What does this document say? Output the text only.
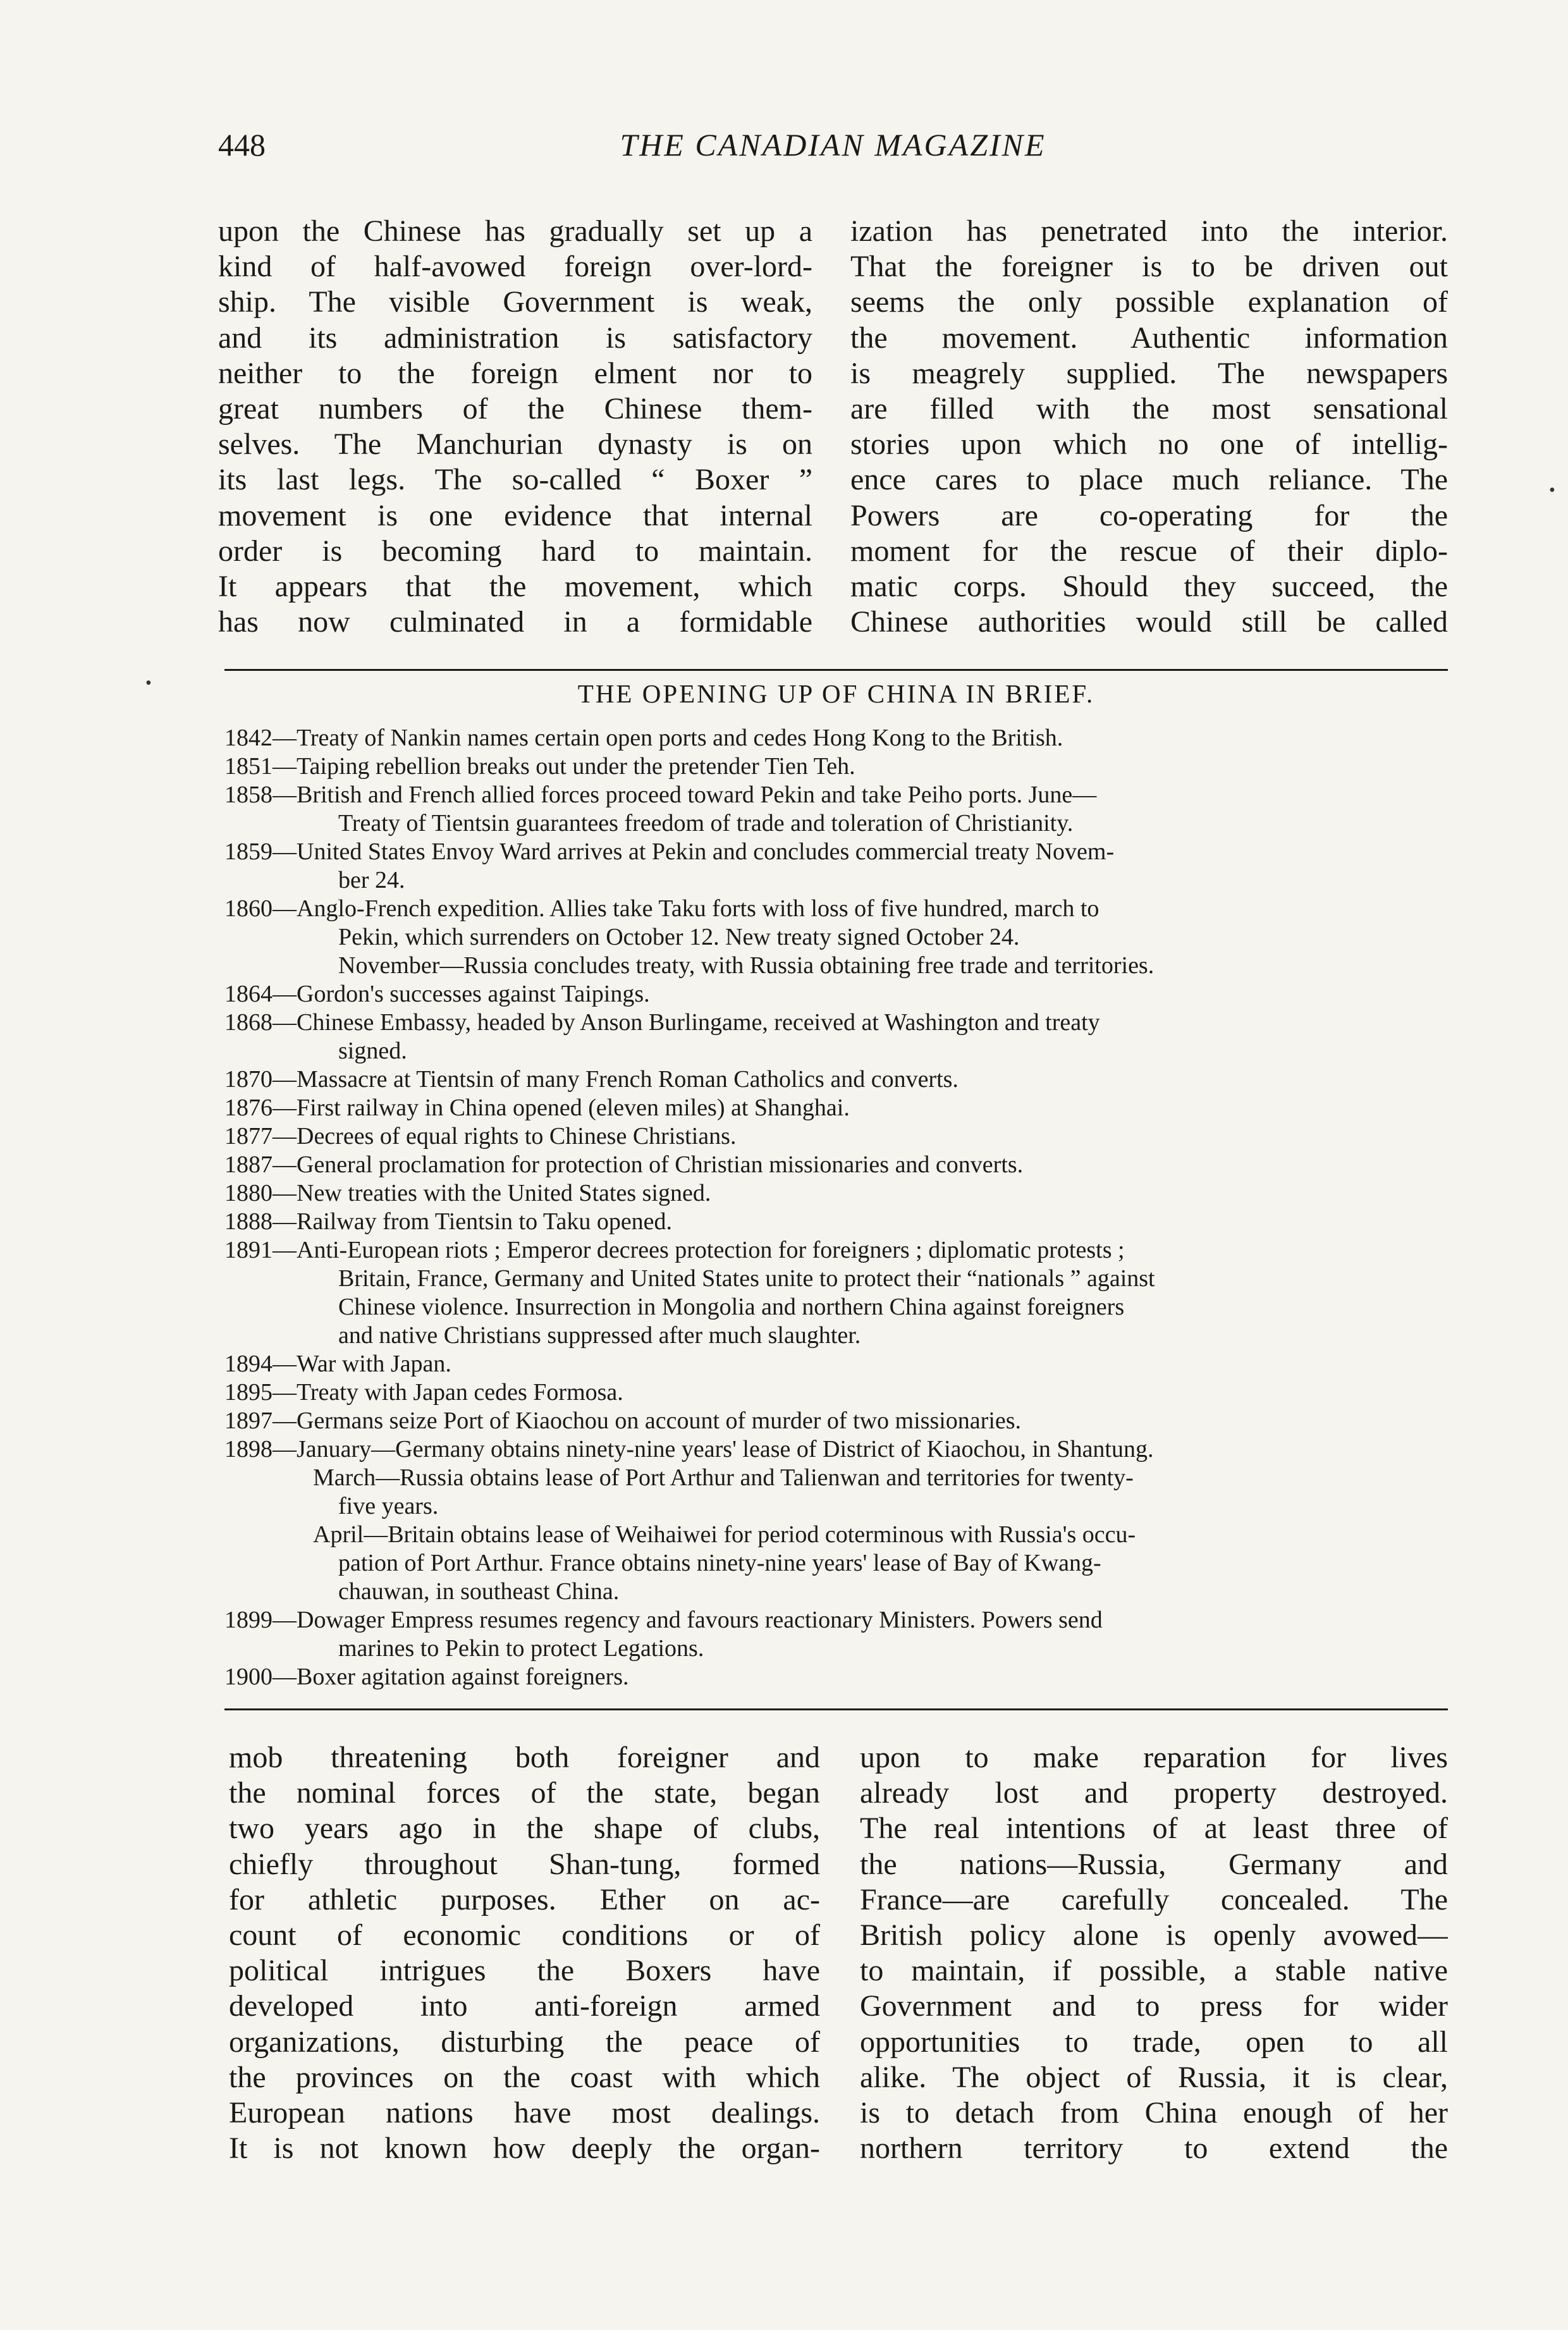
448	THE CANADIAN MAGAZINE
upon the Chinese has gradually set up a
kind of half-avowed foreign over-lord-
ship. The visible Government is weak,
and its administration is satisfactory
neither to the foreign elment nor to
great numbers of the Chinese them-
selves. The Manchurian dynasty is on
its last legs. The so-called “ Boxer ”
movement is one evidence that internal
order is becoming hard to maintain.
It appears that the movement, which
has now culminated in a formidable
ization has penetrated into the interior.
That the foreigner is to be driven out
seems the only possible explanation of
the movement. Authentic information
is meagrely supplied. The newspapers
are filled with the most sensational
stories upon which no one of intellig-
ence cares to place much reliance. The
Powers are co-operating for the
moment for the rescue of their diplo-
matic corps. Should they succeed, the
Chinese authorities would still be called
THE OPENING UP OF CHINA IN BRIEF.
1842—Treaty of Nankin names certain open ports and cedes Hong Kong to the British.
1851—Taiping rebellion breaks out under the pretender Tien Teh.
1858—British and French allied forces proceed toward Pekin and take Peiho ports. June—
Treaty of Tientsin guarantees freedom of trade and toleration of Christianity.
1859—United States Envoy Ward arrives at Pekin and concludes commercial treaty Novem-
ber 24.
1860—Anglo-French expedition. Allies take Taku forts with loss of five hundred, march to
Pekin, which surrenders on October 12. New treaty signed October 24.
November—Russia concludes treaty, with Russia obtaining free trade and territories.
1864—Gordon's successes against Taipings.
1868—Chinese Embassy, headed by Anson Burlingame, received at Washington and treaty
signed.
1870—Massacre at Tientsin of many French Roman Catholics and converts.
1876—First railway in China opened (eleven miles) at Shanghai.
1877—Decrees of equal rights to Chinese Christians.
1887—General proclamation for protection of Christian missionaries and converts.
1880—New treaties with the United States signed.
1888—Railway from Tientsin to Taku opened.
1891—Anti-European riots ; Emperor decrees protection for foreigners ; diplomatic protests ;
Britain, France, Germany and United States unite to protect their “nationals ” against
Chinese violence. Insurrection in Mongolia and northern China against foreigners
and native Christians suppressed after much slaughter.
1894—War with Japan.
1895—Treaty with Japan cedes Formosa.
1897—Germans seize Port of Kiaochou on account of murder of two missionaries.
1898—January—Germany obtains ninety-nine years' lease of District of Kiaochou, in Shantung.
March—Russia obtains lease of Port Arthur and Talienwan and territories for twenty-
five years.
April—Britain obtains lease of Weihaiwei for period coterminous with Russia's occu-
pation of Port Arthur. France obtains ninety-nine years' lease of Bay of Kwang-
chauwan, in southeast China.
1899—Dowager Empress resumes regency and favours reactionary Ministers. Powers send
marines to Pekin to protect Legations.
1900—Boxer agitation against foreigners.
mob threatening both foreigner and
the nominal forces of the state, began
two years ago in the shape of clubs,
chiefly throughout Shan-tung, formed
for athletic purposes. Ether on ac-
count of economic conditions or of
political intrigues the Boxers have
developed into anti-foreign armed
organizations, disturbing the peace of
the provinces on the coast with which
European nations have most dealings.
It is not known how deeply the organ-
upon to make reparation for lives
already lost and property destroyed.
The real intentions of at least three of
the nations—Russia, Germany and
France—are carefully concealed. The
British policy alone is openly avowed—
to maintain, if possible, a stable native
Government and to press for wider
opportunities to trade, open to all
alike. The object of Russia, it is clear,
is to detach from China enough of her
northern territory to extend the
•
•
